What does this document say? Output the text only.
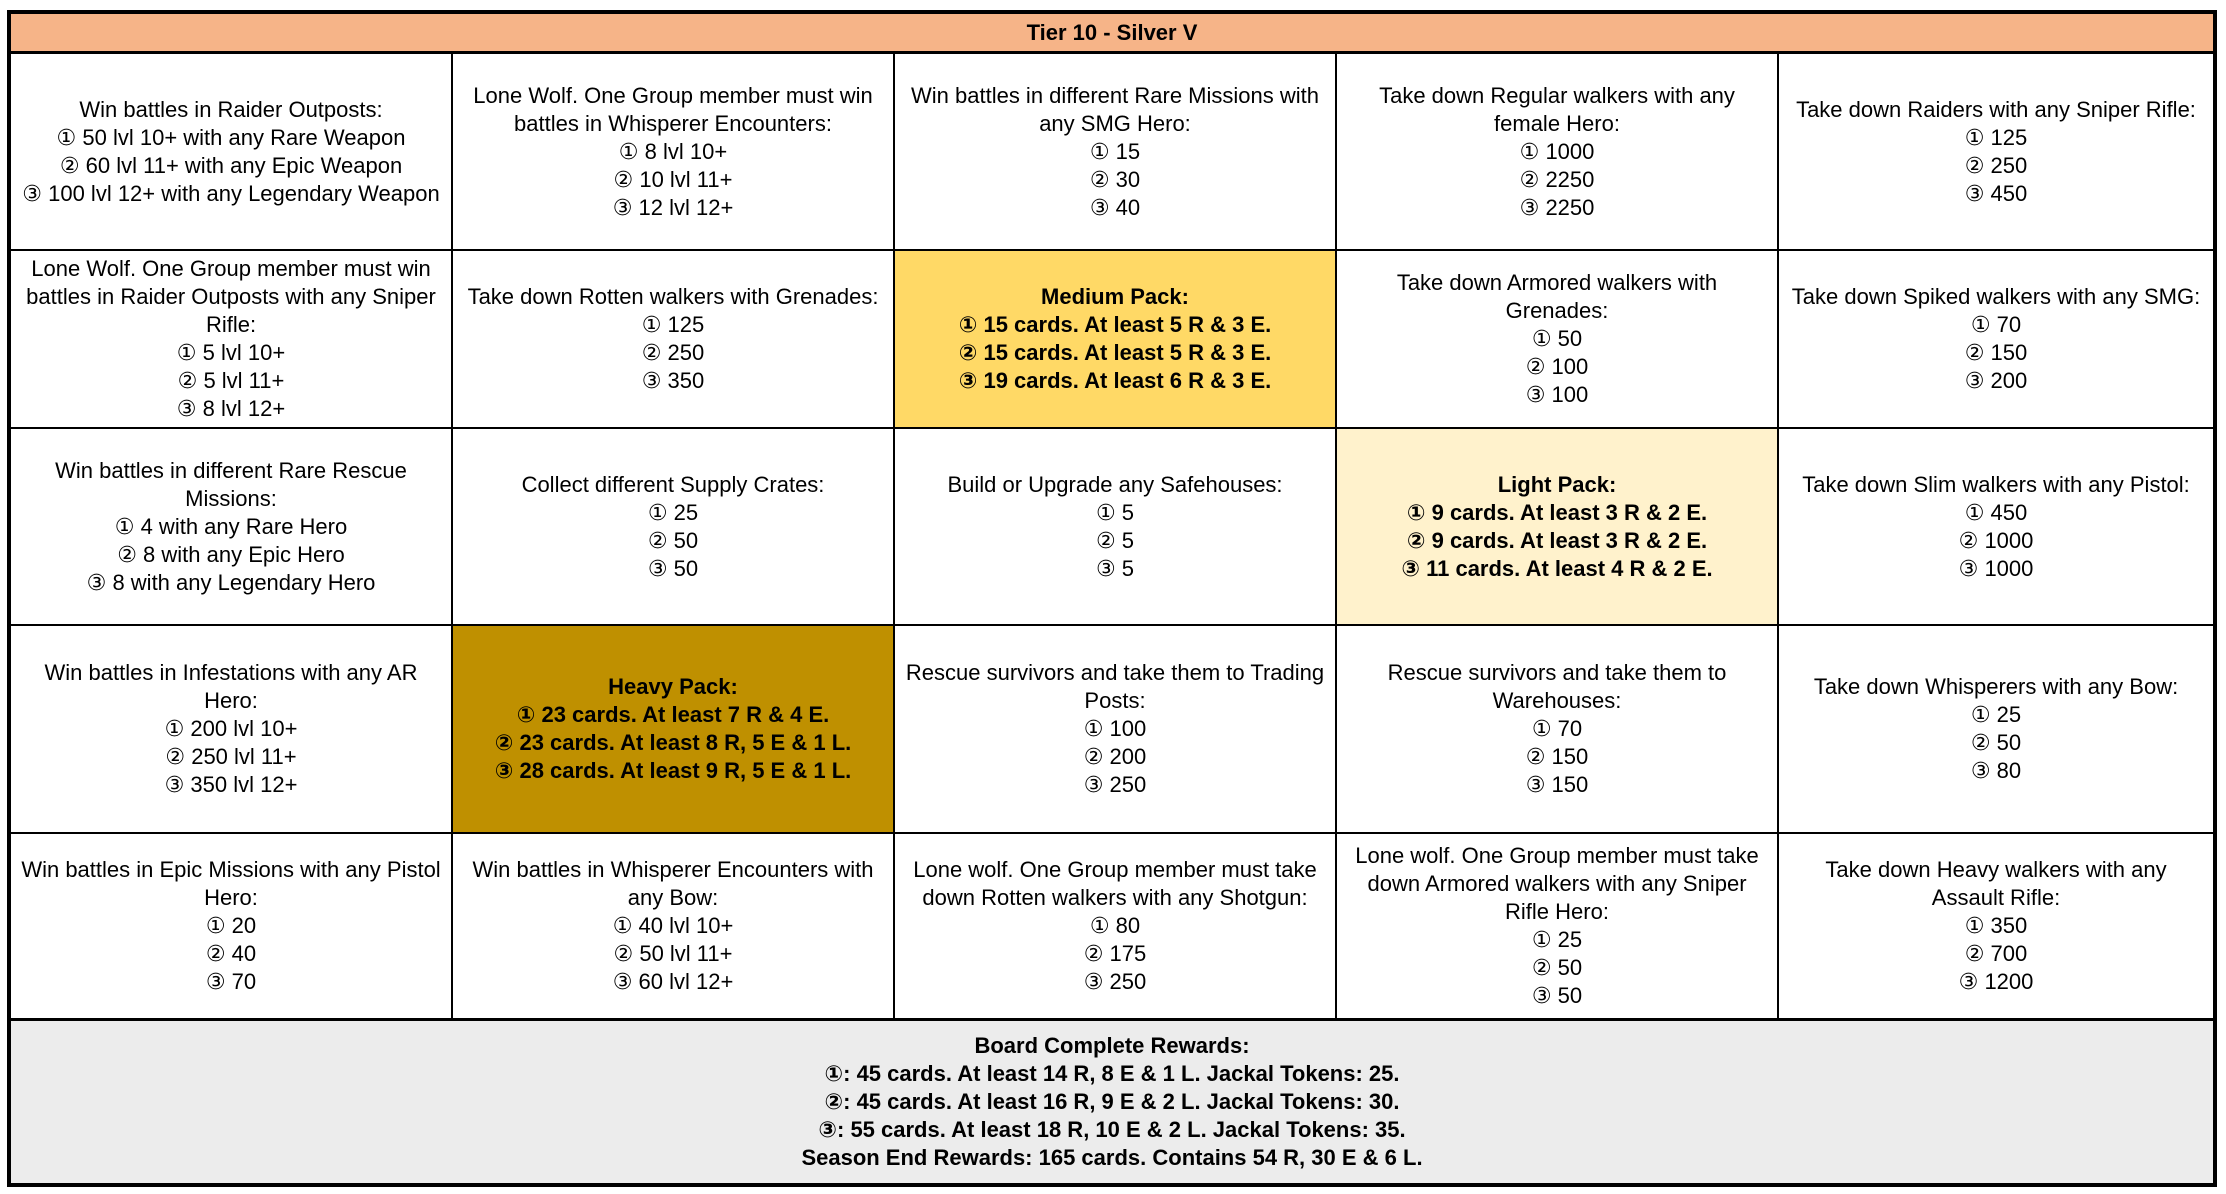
Tier 10 - Silver V
Win battles in Raider Outposts:
① 50 lvl 10+ with any Rare Weapon
② 60 lvl 11+ with any Epic Weapon
③ 100 lvl 12+ with any Legendary Weapon
Lone Wolf. One Group member must win battles in Whisperer Encounters:
① 8 lvl 10+
② 10 lvl 11+
③ 12 lvl 12+
Win battles in different Rare Missions with any SMG Hero:
① 15
② 30
③ 40
Take down Regular walkers with any female Hero:
① 1000
② 2250
③ 2250
Take down Raiders with any Sniper Rifle:
① 125
② 250
③ 450
Lone Wolf. One Group member must win battles in Raider Outposts with any Sniper Rifle:
① 5 lvl 10+
② 5 lvl 11+
③ 8 lvl 12+
Take down Rotten walkers with Grenades:
① 125
② 250
③ 350
Medium Pack:
① 15 cards. At least 5 R & 3 E.
② 15 cards. At least 5 R & 3 E.
③ 19 cards. At least 6 R & 3 E.
Take down Armored walkers with Grenades:
① 50
② 100
③ 100
Take down Spiked walkers with any SMG:
① 70
② 150
③ 200
Win battles in different Rare Rescue Missions:
① 4 with any Rare Hero
② 8 with any Epic Hero
③ 8 with any Legendary Hero
Collect different Supply Crates:
① 25
② 50
③ 50
Build or Upgrade any Safehouses:
① 5
② 5
③ 5
Light Pack:
① 9 cards. At least 3 R & 2 E.
② 9 cards. At least 3 R & 2 E.
③ 11 cards. At least 4 R & 2 E.
Take down Slim walkers with any Pistol:
① 450
② 1000
③ 1000
Win battles in Infestations with any AR Hero:
① 200 lvl 10+
② 250 lvl 11+
③ 350 lvl 12+
Heavy Pack:
① 23 cards. At least 7 R & 4 E.
② 23 cards. At least 8 R, 5 E & 1 L.
③ 28 cards. At least 9 R, 5 E & 1 L.
Rescue survivors and take them to Trading Posts:
① 100
② 200
③ 250
Rescue survivors and take them to Warehouses:
① 70
② 150
③ 150
Take down Whisperers with any Bow:
① 25
② 50
③ 80
Win battles in Epic Missions with any Pistol Hero:
① 20
② 40
③ 70
Win battles in Whisperer Encounters with any Bow:
① 40 lvl 10+
② 50 lvl 11+
③ 60 lvl 12+
Lone wolf. One Group member must take down Rotten walkers with any Shotgun:
① 80
② 175
③ 250
Lone wolf. One Group member must take down Armored walkers with any Sniper Rifle Hero:
① 25
② 50
③ 50
Take down Heavy walkers with any Assault Rifle:
① 350
② 700
③ 1200
Board Complete Rewards:
①: 45 cards. At least 14 R, 8 E & 1 L. Jackal Tokens: 25.
②: 45 cards. At least 16 R, 9 E & 2 L. Jackal Tokens: 30.
③: 55 cards. At least 18 R, 10 E & 2 L. Jackal Tokens: 35.
Season End Rewards: 165 cards. Contains 54 R, 30 E & 6 L.
